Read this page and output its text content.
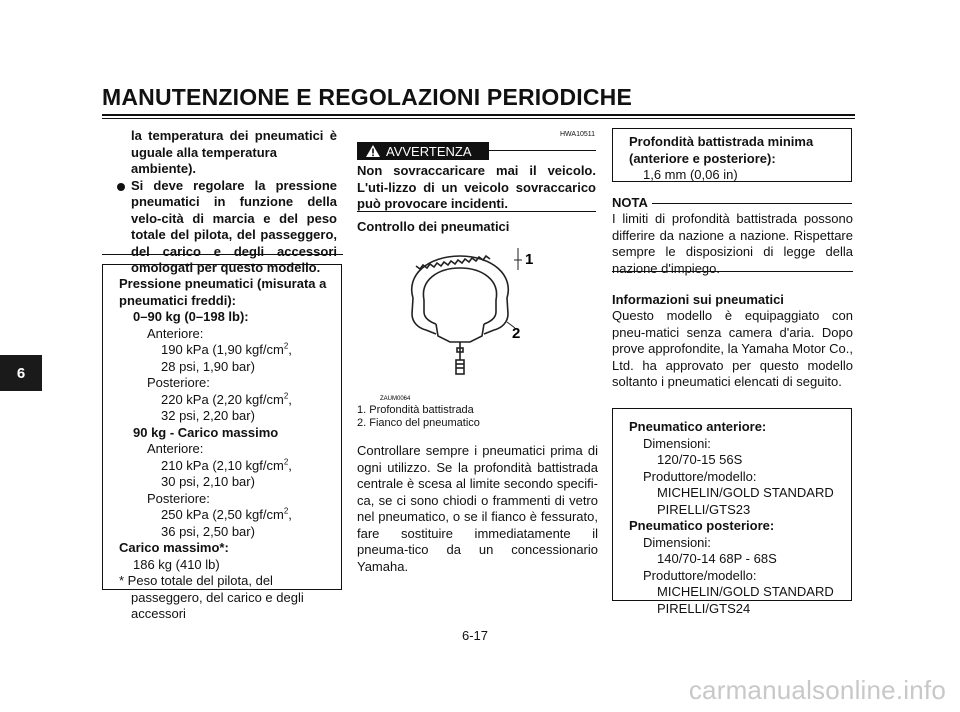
MANUTENZIONE E REGOLAZIONI PERIODICHE
6
la temperatura dei pneumatici è
uguale alla temperatura ambiente).
Si deve regolare la pressione pneumatici in funzione della velo-cità di marcia e del peso totale del pilota, del passeggero, del carico e degli accessori omologati per questo modello.
Pressione pneumatici (misurata a pneumatici freddi):
0–90 kg (0–198 lb):
Anteriore:
190 kPa (1,90 kgf/$cm^2$,
28 psi, 1,90 bar)
Posteriore:
220 kPa (2,20 kgf/$cm^2$,
32 psi, 2,20 bar)
90 kg - Carico massimo
Anteriore:
210 kPa (2,10 kgf/$cm^2$,
30 psi, 2,10 bar)
Posteriore:
250 kPa (2,50 kgf/$cm^2$,
36 psi, 2,50 bar)
Carico massimo*:
186 kg (410 lb)
* Peso totale del pilota, del passeggero, del carico e degli accessori
HWA10511
AVVERTENZA
Non sovraccaricare mai il veicolo. L'uti-lizzo di un veicolo sovraccarico può provocare incidenti.
Controllo dei pneumatici
1
2
ZAUM0064
1. Profondità battistrada
2. Fianco del pneumatico
Controllare sempre i pneumatici prima di ogni utilizzo. Se la profondità battistrada centrale è scesa al limite secondo specifi-ca, se ci sono chiodi o frammenti di vetro nel pneumatico, o se il fianco è fessurato, fare sostituire immediatamente il pneuma-tico da un concessionario Yamaha.
Profondità battistrada minima (anteriore e posteriore):
1,6 mm (0,06 in)
NOTA
I limiti di profondità battistrada possono differire da nazione a nazione. Rispettare sempre le disposizioni di legge della nazione d'impiego.
Informazioni sui pneumatici
Questo modello è equipaggiato con pneu-matici senza camera d'aria. Dopo prove approfondite, la Yamaha Motor Co., Ltd. ha approvato per questo modello soltanto i pneumatici elencati di seguito.
Pneumatico anteriore:
Dimensioni:
120/70-15 56S
Produttore/modello:
MICHELIN/GOLD STANDARD
PIRELLI/GTS23
Pneumatico posteriore:
Dimensioni:
140/70-14 68P - 68S
Produttore/modello:
MICHELIN/GOLD STANDARD
PIRELLI/GTS24
6-17
carmanualsonline.info
